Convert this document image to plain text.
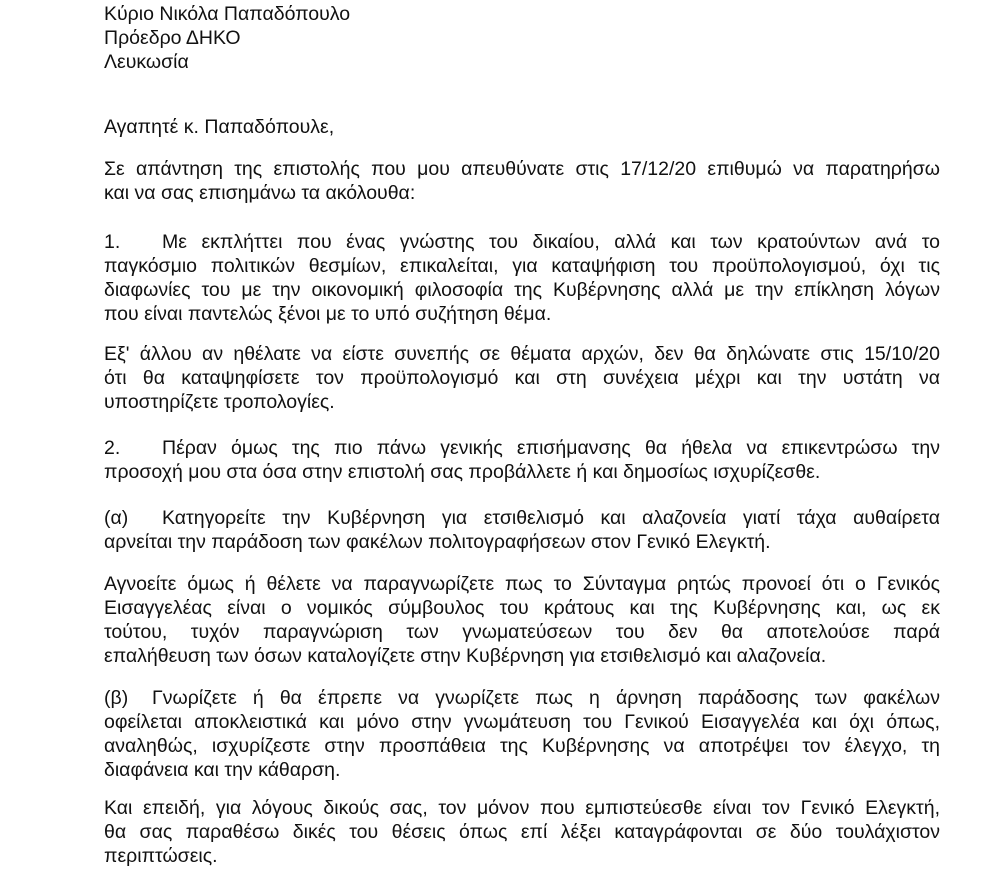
Κύριο Νικόλα Παπαδόπουλο
Πρόεδρο ΔΗΚΟ
Λευκωσία
Αγαπητέ κ. Παπαδόπουλε,
Σε απάντηση της επιστολής που μου απευθύνατε στις 17/12/20 επιθυμώ να παρατηρήσω
και να σας επισημάνω τα ακόλουθα:
1.	Με εκπλήττει που ένας γνώστης του δικαίου, αλλά και των κρατούντων ανά το
παγκόσμιο πολιτικών θεσμίων, επικαλείται, για καταψήφιση του προϋπολογισμού, όχι τις
διαφωνίες του με την οικονομική φιλοσοφία της Κυβέρνησης αλλά με την επίκληση λόγων
που είναι παντελώς ξένοι με το υπό συζήτηση θέμα.
Εξ' άλλου αν ηθέλατε να είστε συνεπής σε θέματα αρχών, δεν θα δηλώνατε στις 15/10/20
ότι θα καταψηφίσετε τον προϋπολογισμό και στη συνέχεια μέχρι και την υστάτη να
υποστηρίζετε τροπολογίες.
2.	Πέραν όμως της πιο πάνω γενικής επισήμανσης θα ήθελα να επικεντρώσω την
προσοχή μου στα όσα στην επιστολή σας προβάλλετε ή και δημοσίως ισχυρίζεσθε.
(α)	Κατηγορείτε την Κυβέρνηση για ετσιθελισμό και αλαζονεία γιατί τάχα αυθαίρετα
αρνείται την παράδοση των φακέλων πολιτογραφήσεων στον Γενικό Ελεγκτή.
Αγνοείτε όμως ή θέλετε να παραγνωρίζετε πως το Σύνταγμα ρητώς προνοεί ότι ο Γενικός
Εισαγγελέας είναι ο νομικός σύμβουλος του κράτους και της Κυβέρνησης και, ως εκ
τούτου, τυχόν παραγνώριση των γνωματεύσεων του δεν θα αποτελούσε παρά
επαλήθευση των όσων καταλογίζετε στην Κυβέρνηση για ετσιθελισμό και αλαζονεία.
(β)	Γνωρίζετε ή θα έπρεπε να γνωρίζετε πως η άρνηση παράδοσης των φακέλων
οφείλεται αποκλειστικά και μόνο στην γνωμάτευση του Γενικού Εισαγγελέα και όχι όπως,
αναληθώς, ισχυρίζεστε στην προσπάθεια της Κυβέρνησης να αποτρέψει τον έλεγχο, τη
διαφάνεια και την κάθαρση.
Και επειδή, για λόγους δικούς σας, τον μόνον που εμπιστεύεσθε είναι τον Γενικό Ελεγκτή,
θα σας παραθέσω δικές του θέσεις όπως επί λέξει καταγράφονται σε δύο τουλάχιστον
περιπτώσεις.
